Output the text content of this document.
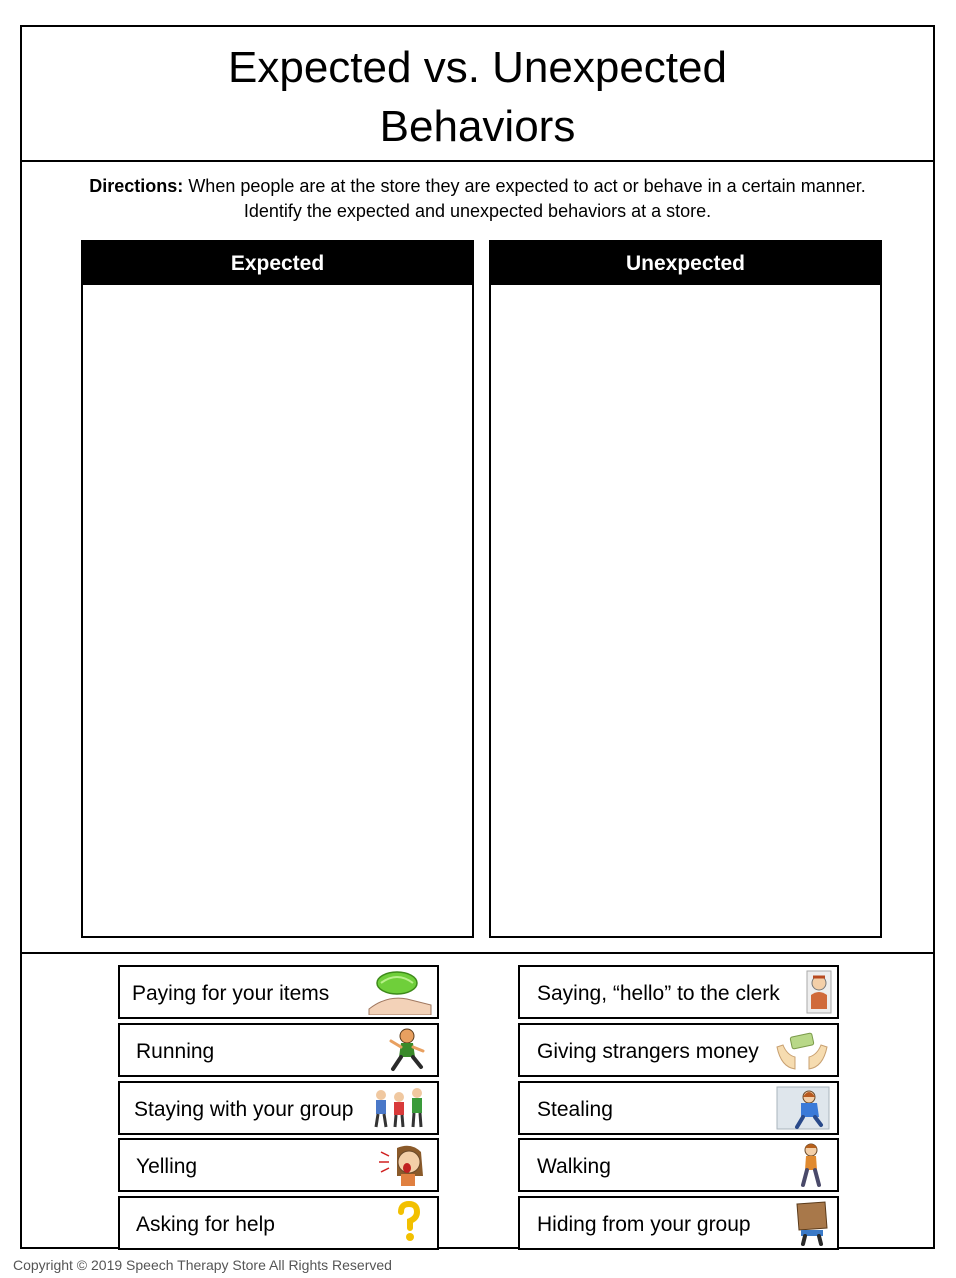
Expected vs. Unexpected
Behaviors
Directions: When people are at the store they are expected to act or behave in a certain manner.
Identify the expected and unexpected behaviors at a store.
Expected	Unexpected
Paying for your items
Running
Staying with your group
Yelling
Asking for help
Saying, “hello” to the clerk
Giving strangers money
Stealing
Walking
Hiding from your group
Copyright © 2019 Speech Therapy Store All Rights Reserved
